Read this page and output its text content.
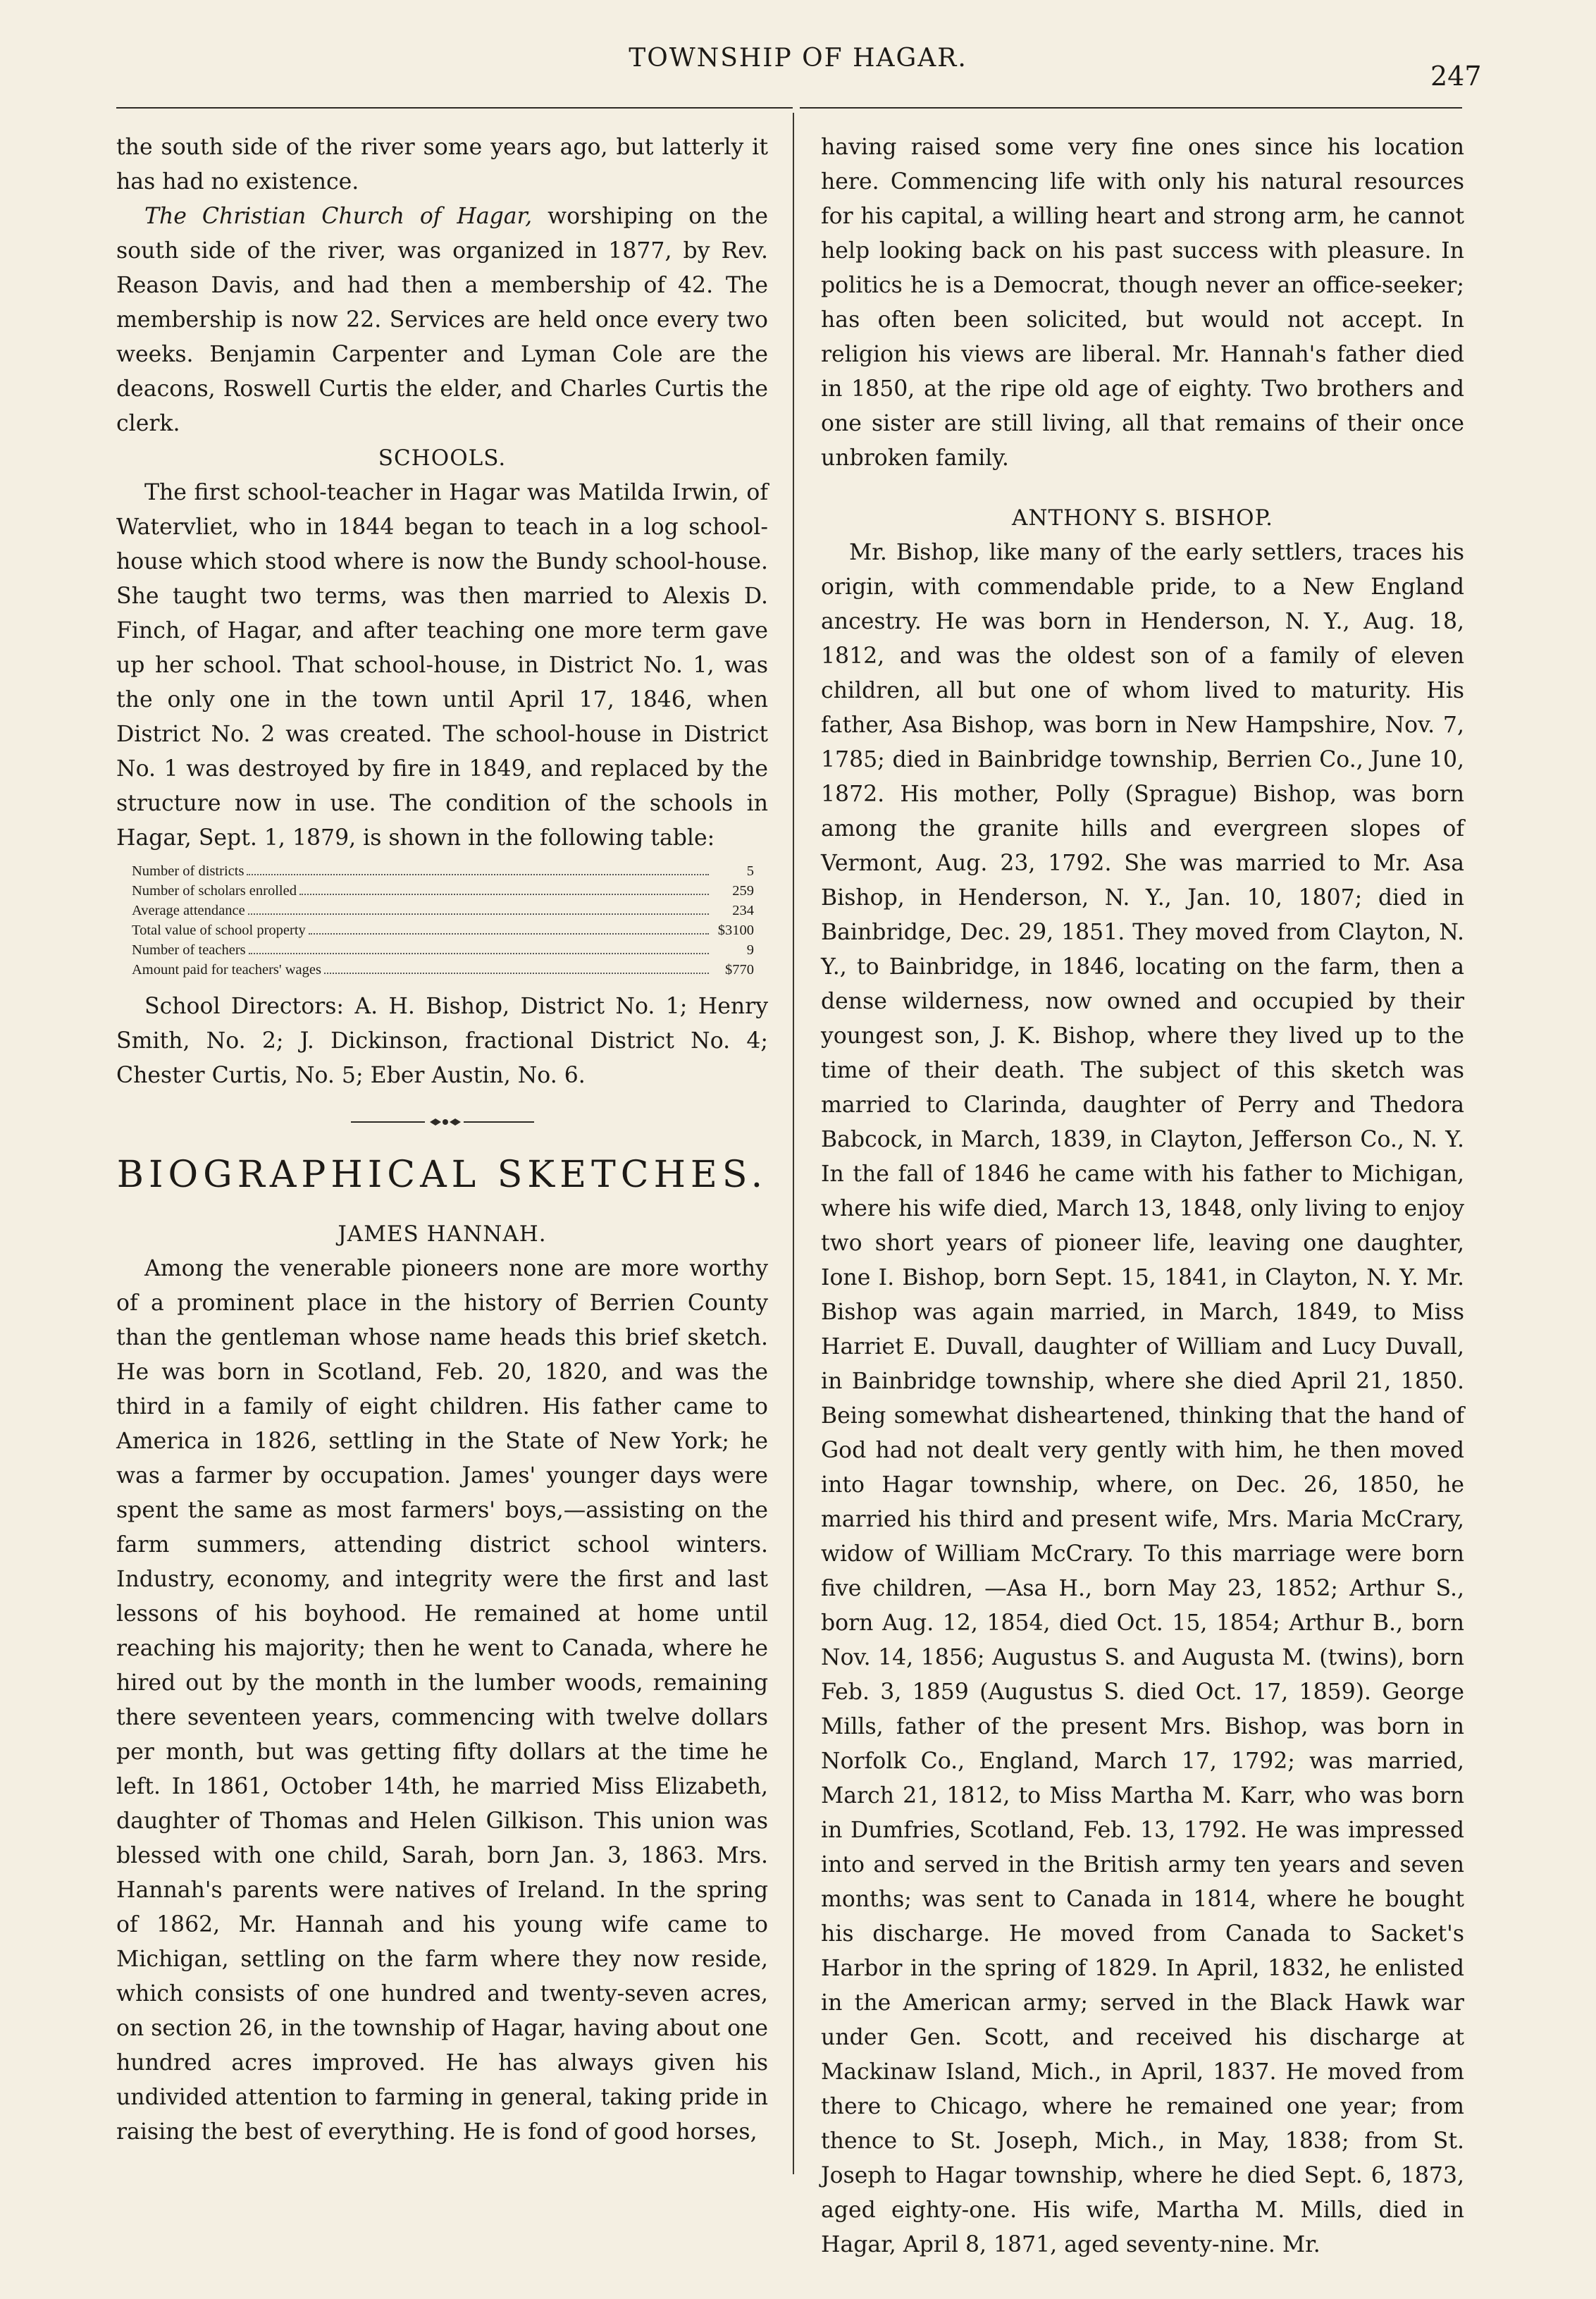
TOWNSHIP OF HAGAR.
247

the south side of the river some years ago, but latterly it has had no existence.

The Christian Church of Hagar, worshiping on the south side of the river, was organized in 1877, by Rev. Reason Davis, and had then a membership of 42. The membership is now 22. Services are held once every two weeks. Benjamin Carpenter and Lyman Cole are the deacons, Roswell Curtis the elder, and Charles Curtis the clerk.

SCHOOLS.

The first school-teacher in Hagar was Matilda Irwin, of Watervliet, who in 1844 began to teach in a log school-house which stood where is now the Bundy school-house. She taught two terms, was then married to Alexis D. Finch, of Hagar, and after teaching one more term gave up her school. That school-house, in District No. 1, was the only one in the town until April 17, 1846, when District No. 2 was created. The school-house in District No. 1 was destroyed by fire in 1849, and replaced by the structure now in use. The condition of the schools in Hagar, Sept. 1, 1879, is shown in the following table:

Number of districts	5
Number of scholars enrolled	259
Average attendance	234
Total value of school property	$3100
Number of teachers	9
Amount paid for teachers' wages	$770

School Directors: A. H. Bishop, District No. 1; Henry Smith, No. 2; J. Dickinson, fractional District No. 4; Chester Curtis, No. 5; Eber Austin, No. 6.

BIOGRAPHICAL SKETCHES.

JAMES HANNAH.

Among the venerable pioneers none are more worthy of a prominent place in the history of Berrien County than the gentleman whose name heads this brief sketch. He was born in Scotland, Feb. 20, 1820, and was the third in a family of eight children. His father came to America in 1826, settling in the State of New York; he was a farmer by occupation. James' younger days were spent the same as most farmers' boys,—assisting on the farm summers, attending district school winters. Industry, economy, and integrity were the first and last lessons of his boyhood. He remained at home until reaching his majority; then he went to Canada, where he hired out by the month in the lumber woods, remaining there seventeen years, commencing with twelve dollars per month, but was getting fifty dollars at the time he left. In 1861, October 14th, he married Miss Elizabeth, daughter of Thomas and Helen Gilkison. This union was blessed with one child, Sarah, born Jan. 3, 1863. Mrs. Hannah's parents were natives of Ireland. In the spring of 1862, Mr. Hannah and his young wife came to Michigan, settling on the farm where they now reside, which consists of one hundred and twenty-seven acres, on section 26, in the township of Hagar, having about one hundred acres improved. He has always given his undivided attention to farming in general, taking pride in raising the best of everything. He is fond of good horses,

having raised some very fine ones since his location here. Commencing life with only his natural resources for his capital, a willing heart and strong arm, he cannot help looking back on his past success with pleasure. In politics he is a Democrat, though never an office-seeker; has often been solicited, but would not accept. In religion his views are liberal. Mr. Hannah's father died in 1850, at the ripe old age of eighty. Two brothers and one sister are still living, all that remains of their once unbroken family.

ANTHONY S. BISHOP.

Mr. Bishop, like many of the early settlers, traces his origin, with commendable pride, to a New England ancestry. He was born in Henderson, N. Y., Aug. 18, 1812, and was the oldest son of a family of eleven children, all but one of whom lived to maturity. His father, Asa Bishop, was born in New Hampshire, Nov. 7, 1785; died in Bainbridge township, Berrien Co., June 10, 1872. His mother, Polly (Sprague) Bishop, was born among the granite hills and evergreen slopes of Vermont, Aug. 23, 1792. She was married to Mr. Asa Bishop, in Henderson, N. Y., Jan. 10, 1807; died in Bainbridge, Dec. 29, 1851. They moved from Clayton, N. Y., to Bainbridge, in 1846, locating on the farm, then a dense wilderness, now owned and occupied by their youngest son, J. K. Bishop, where they lived up to the time of their death. The subject of this sketch was married to Clarinda, daughter of Perry and Thedora Babcock, in March, 1839, in Clayton, Jefferson Co., N. Y. In the fall of 1846 he came with his father to Michigan, where his wife died, March 13, 1848, only living to enjoy two short years of pioneer life, leaving one daughter, Ione I. Bishop, born Sept. 15, 1841, in Clayton, N. Y. Mr. Bishop was again married, in March, 1849, to Miss Harriet E. Duvall, daughter of William and Lucy Duvall, in Bainbridge township, where she died April 21, 1850. Being somewhat disheartened, thinking that the hand of God had not dealt very gently with him, he then moved into Hagar township, where, on Dec. 26, 1850, he married his third and present wife, Mrs. Maria McCrary, widow of William McCrary. To this marriage were born five children, —Asa H., born May 23, 1852; Arthur S., born Aug. 12, 1854, died Oct. 15, 1854; Arthur B., born Nov. 14, 1856; Augustus S. and Augusta M. (twins), born Feb. 3, 1859 (Augustus S. died Oct. 17, 1859). George Mills, father of the present Mrs. Bishop, was born in Norfolk Co., England, March 17, 1792; was married, March 21, 1812, to Miss Martha M. Karr, who was born in Dumfries, Scotland, Feb. 13, 1792. He was impressed into and served in the British army ten years and seven months; was sent to Canada in 1814, where he bought his discharge. He moved from Canada to Sacket's Harbor in the spring of 1829. In April, 1832, he enlisted in the American army; served in the Black Hawk war under Gen. Scott, and received his discharge at Mackinaw Island, Mich., in April, 1837. He moved from there to Chicago, where he remained one year; from thence to St. Joseph, Mich., in May, 1838; from St. Joseph to Hagar township, where he died Sept. 6, 1873, aged eighty-one. His wife, Martha M. Mills, died in Hagar, April 8, 1871, aged seventy-nine. Mr.
